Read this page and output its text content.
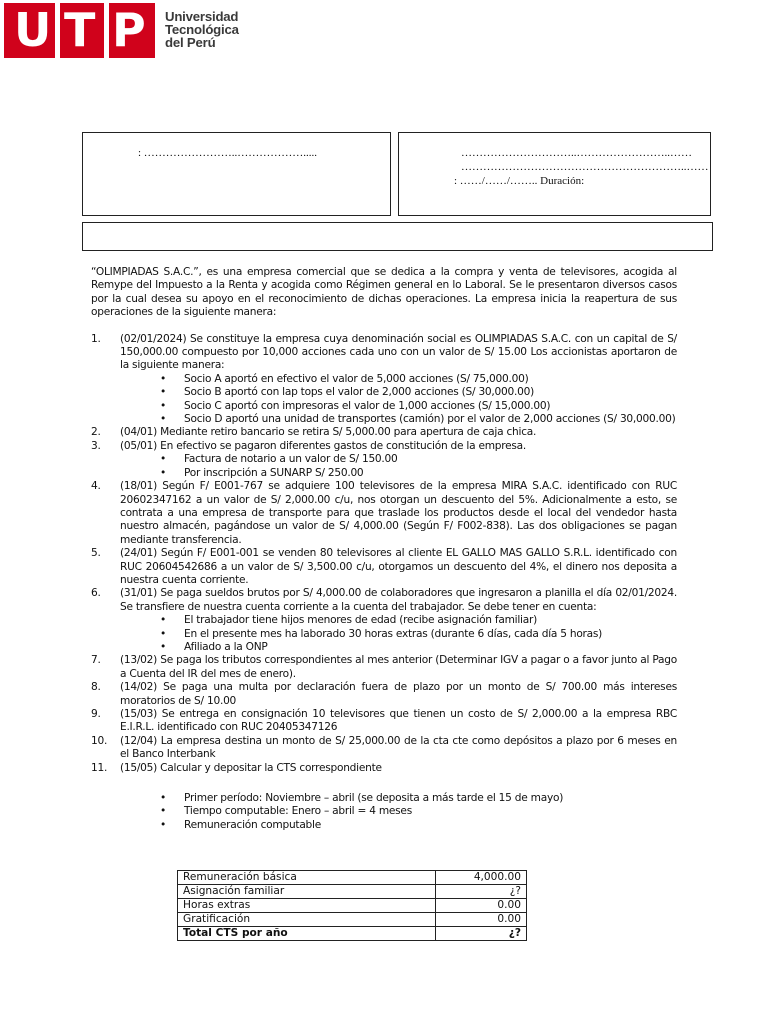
U T P Universidad
Tecnológica
del Perú
: ……………………..……………….....	…………………………..……………………..……
……………………………………………………..……
: ……/……/…….. Duración:

“OLIMPIADAS S.A.C.”, es una empresa comercial que se dedica a la compra y venta de televisores, acogida al Remype del Impuesto a la Renta y acogida como Régimen general en lo Laboral. Se le presentaron diversos casos por la cual desea su apoyo en el reconocimiento de dichas operaciones. La empresa inicia la reapertura de sus operaciones de la siguiente manera:

1. (02/01/2024) Se constituye la empresa cuya denominación social es OLIMPIADAS S.A.C. con un capital de S/ 150,000.00 compuesto por 10,000 acciones cada uno con un valor de S/ 15.00 Los accionistas aportaron de la siguiente manera:
• Socio A aportó en efectivo el valor de 5,000 acciones (S/ 75,000.00)
• Socio B aportó con lap tops el valor de 2,000 acciones (S/ 30,000.00)
• Socio C aportó con impresoras el valor de 1,000 acciones (S/ 15,000.00)
• Socio D aportó una unidad de transportes (camión) por el valor de 2,000 acciones (S/ 30,000.00)
2. (04/01) Mediante retiro bancario se retira S/ 5,000.00 para apertura de caja chica.
3. (05/01) En efectivo se pagaron diferentes gastos de constitución de la empresa.
• Factura de notario a un valor de S/ 150.00
• Por inscripción a SUNARP S/ 250.00
4. (18/01) Según F/ E001-767 se adquiere 100 televisores de la empresa MIRA S.A.C. identificado con RUC 20602347162 a un valor de S/ 2,000.00 c/u, nos otorgan un descuento del 5%. Adicionalmente a esto, se contrata a una empresa de transporte para que traslade los productos desde el local del vendedor hasta nuestro almacén, pagándose un valor de S/ 4,000.00 (Según F/ F002-838). Las dos obligaciones se pagan mediante transferencia.
5. (24/01) Según F/ E001-001 se venden 80 televisores al cliente EL GALLO MAS GALLO S.R.L. identificado con RUC 20604542686 a un valor de S/ 3,500.00 c/u, otorgamos un descuento del 4%, el dinero nos deposita a nuestra cuenta corriente.
6. (31/01) Se paga sueldos brutos por S/ 4,000.00 de colaboradores que ingresaron a planilla el día 02/01/2024. Se transfiere de nuestra cuenta corriente a la cuenta del trabajador. Se debe tener en cuenta:
• El trabajador tiene hijos menores de edad (recibe asignación familiar)
• En el presente mes ha laborado 30 horas extras (durante 6 días, cada día 5 horas)
• Afiliado a la ONP
7. (13/02) Se paga los tributos correspondientes al mes anterior (Determinar IGV a pagar o a favor junto al Pago a Cuenta del IR del mes de enero).
8. (14/02) Se paga una multa por declaración fuera de plazo por un monto de S/ 700.00 más intereses moratorios de S/ 10.00
9. (15/03) Se entrega en consignación 10 televisores que tienen un costo de S/ 2,000.00 a la empresa RBC E.I.R.L. identificado con RUC 20405347126
10. (12/04) La empresa destina un monto de S/ 25,000.00 de la cta cte como depósitos a plazo por 6 meses en el Banco Interbank
11. (15/05) Calcular y depositar la CTS correspondiente
• Primer período: Noviembre – abril (se deposita a más tarde el 15 de mayo)
• Tiempo computable: Enero – abril = 4 meses
• Remuneración computable
Remuneración básica	4,000.00
Asignación familiar	¿?
Horas extras	0.00
Gratificación	0.00
Total CTS por año	¿?
